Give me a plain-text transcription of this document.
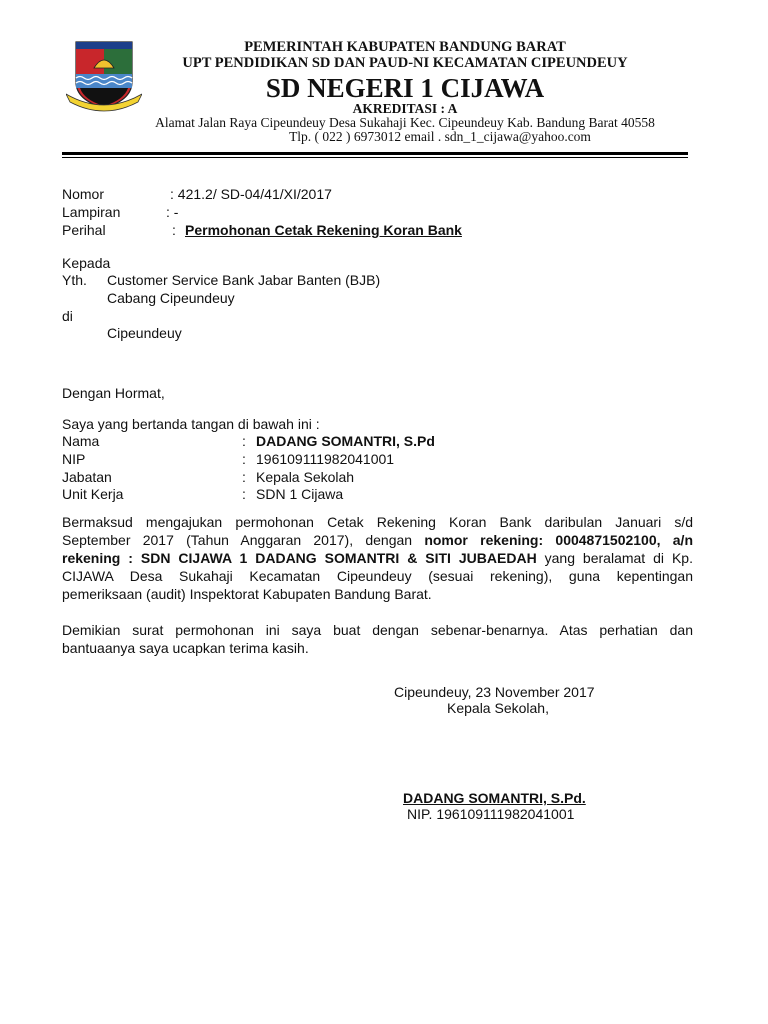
PEMERINTAH KABUPATEN BANDUNG BARAT
UPT PENDIDIKAN SD DAN PAUD-NI KECAMATAN CIPEUNDEUY
SD NEGERI 1 CIJAWA
AKREDITASI : A
Alamat Jalan Raya Cipeundeuy Desa Sukahaji Kec. Cipeundeuy Kab. Bandung Barat 40558
Tlp. ( 022 ) 6973012 email . sdn_1_cijawa@yahoo.com
Nomor	: 421.2/ SD-04/41/XI/2017
Lampiran	: -
Perihal	: Permohonan Cetak Rekening Koran Bank
Kepada
Yth. Customer Service Bank Jabar Banten (BJB)
Cabang Cipeundeuy
di
Cipeundeuy
Dengan Hormat,
Saya yang bertanda tangan di bawah ini :
Nama	: DADANG SOMANTRI, S.Pd
NIP	: 196109111982041001
Jabatan	: Kepala Sekolah
Unit Kerja	: SDN 1 Cijawa
Bermaksud mengajukan permohonan Cetak Rekening Koran Bank daribulan Januari s/d
September 2017 (Tahun Anggaran 2017), dengan nomor rekening: 0004871502100, a/n
rekening : SDN CIJAWA 1 DADANG SOMANTRI & SITI JUBAEDAH yang beralamat di Kp.
CIJAWA Desa Sukahaji Kecamatan Cipeundeuy (sesuai rekening), guna kepentingan
pemeriksaan (audit) Inspektorat Kabupaten Bandung Barat.
Demikian surat permohonan ini saya buat dengan sebenar-benarnya. Atas perhatian dan
bantuaanya saya ucapkan terima kasih.
Cipeundeuy, 23 November 2017
Kepala Sekolah,
DADANG SOMANTRI, S.Pd.
NIP. 196109111982041001
